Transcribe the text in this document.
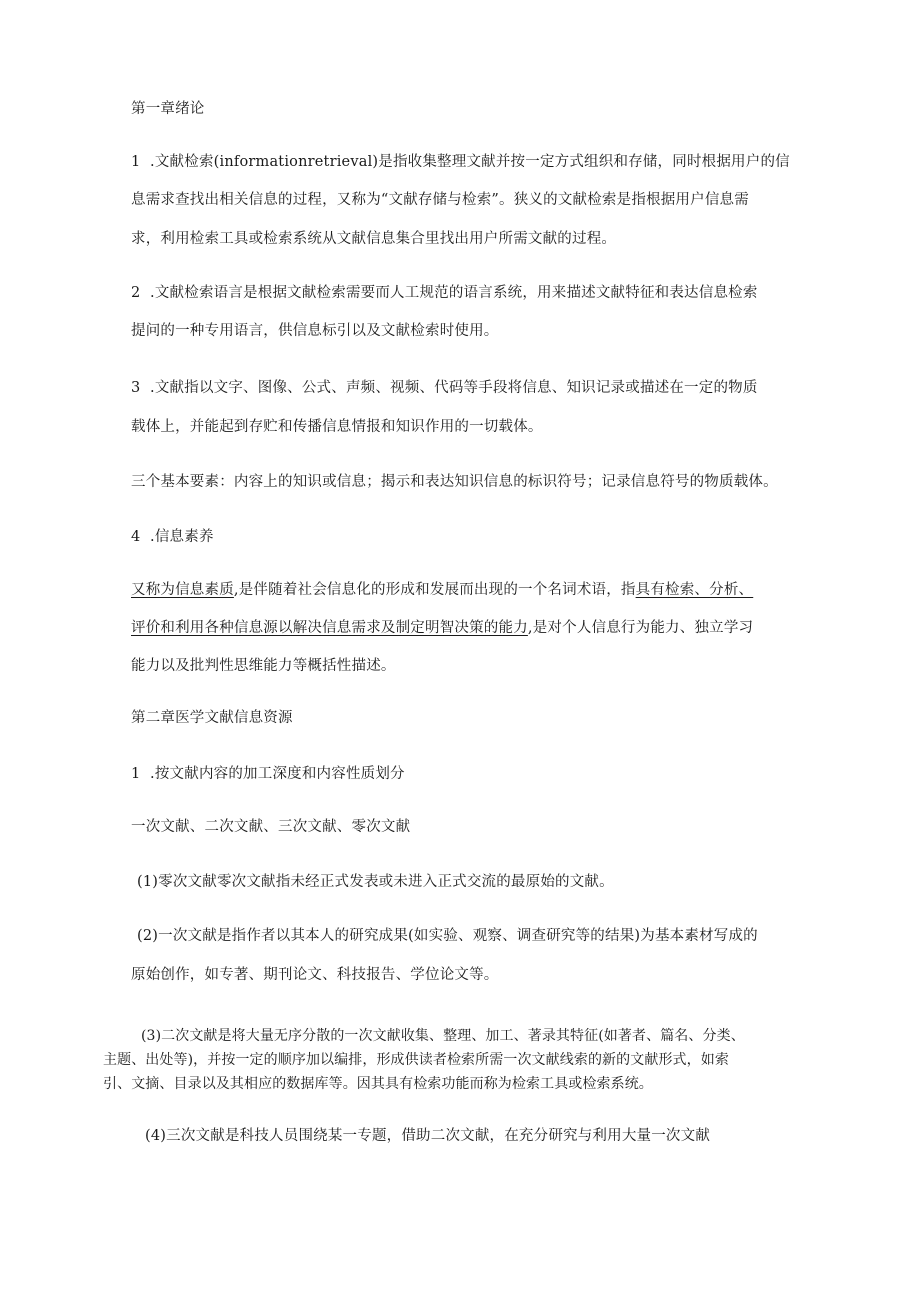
第一章绪论
1  .文献检索(informationretrieval)是指收集整理文献并按一定方式组织和存储，同时根据用户的信
息需求查找出相关信息的过程，又称为“文献存储与检索”。狭义的文献检索是指根据用户信息需
求，利用检索工具或检索系统从文献信息集合里找出用户所需文献的过程。
2  .文献检索语言是根据文献检索需要而人工规范的语言系统，用来描述文献特征和表达信息检索
提问的一种专用语言，供信息标引以及文献检索时使用。
3  .文献指以文字、图像、公式、声频、视频、代码等手段将信息、知识记录或描述在一定的物质
载体上，并能起到存贮和传播信息情报和知识作用的一切载体。
三个基本要素：内容上的知识或信息；揭示和表达知识信息的标识符号；记录信息符号的物质载体。
4  .信息素养
又称为信息素质,是伴随着社会信息化的形成和发展而出现的一个名词术语，指具有检索、分析、
评价和利用各种信息源以解决信息需求及制定明智决策的能力,是对个人信息行为能力、独立学习
能力以及批判性思维能力等概括性描述。
第二章医学文献信息资源
1  .按文献内容的加工深度和内容性质划分
一次文献、二次文献、三次文献、零次文献
(1)零次文献零次文献指未经正式发表或未进入正式交流的最原始的文献。
(2)一次文献是指作者以其本人的研究成果(如实验、观察、调查研究等的结果)为基本素材写成的
原始创作，如专著、期刊论文、科技报告、学位论文等。
(3)二次文献是将大量无序分散的一次文献收集、整理、加工、著录其特征(如著者、篇名、分类、
主题、出处等)，并按一定的顺序加以编排，形成供读者检索所需一次文献线索的新的文献形式，如索
引、文摘、目录以及其相应的数据库等。因其具有检索功能而称为检索工具或检索系统。
(4)三次文献是科技人员围绕某一专题，借助二次文献，在充分研究与利用大量一次文献
